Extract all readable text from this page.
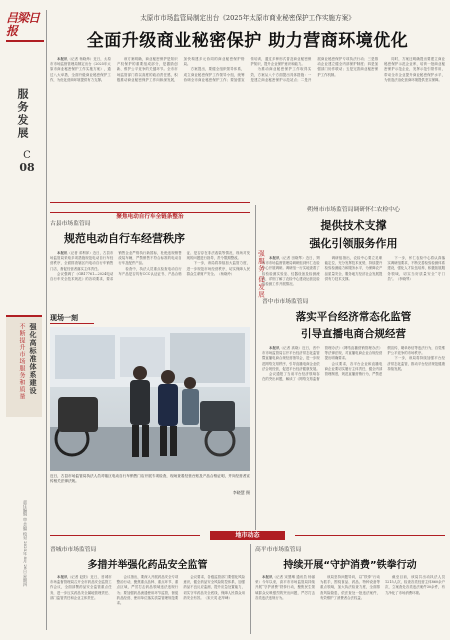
吕梁日报
服务发展
C
08
强化高标准体系建设
不断提升市场服务和质量
责任编辑 审 美编 校对 2025年 8月 26日 星期四
太原市市场监管局制定出台《2025年太原市商业秘密保护工作实施方案》
全面升级商业秘密保护 助力营商环境优化

本报讯（记者 杨晓炜）近日，太原市市场监督管理局制定出台《2025年太原市商业秘密保护工作实施方案》，通过八大举措，全面升级商业秘密保护工作，为优化营商环境提供有力支撑。

该方案明确，商业秘密保护是知识产权保护的重要组成部分，是激励创新、维护公平竞争的关键环节。全市市场监管部门将以高度的政治责任感，积极推动商业秘密保护工作向纵深发展，加快构建多元协同的商业秘密保护格局。

方案提出，要健全组织领导体系，成立商业秘密保护工作领导小组，统筹协调全市商业秘密保护工作；要加强宣传培训，通过多种形式普及商业秘密保护知识，提升企业保护意识和能力。

为推动商业秘密保护工作取得实效，方案从八个方面提出具体措施：一是建立商业秘密保护示范站点；二是开展商业秘密保护专项执法行动；三是推动企业建立健全内部保护制度；四是加强部门协作联动；五是完善商业秘密保护工作机制。

同时，方案还明确提出要建立商业秘密保护示范企业库，培育一批商业秘密保护示范企业，发挥示范引领作用，带动全市企业提升商业秘密保护水平，为营造法治化营商环境提供坚实保障。

聚焦电动自行车全链条整治
古县市场监管局
规范电动自行车经营秩序

本报讯（记者 邓利萍）近日，古县市场监管局采取多项措施规范电动自行车经营秩序，全面排查辖区内电动自行车销售门店，督促经营者落实主体责任。

会议强调了《GB17761—2024电动自行车安全技术规范》的各项要求，要求销售企业严格执行新国标，杜绝违规销售改装车辆，严禁销售不符合标准的电动自行车及配件产品。

检查中，执法人员重点检查电动自行车产品是否具有CCC认证证书、产品合格证、是否存在非法改装等情况，现场对发现的问题进行指导，责令限期整改。

下一步，该局将持续加大监管力度，进一步规范市场经营秩序，切实保障人民群众生命财产安全。（杨晓玲）

现场一刻
近日，古县市场监管局执法人员对辖区电动自行车销售门店开展专项检查，现场查看经营台账及产品合格证明，并向经营者宣传相关法律法规。
李晓慧 摄
朔州市市场监管局调研怀仁农检中心
提供技术支撑
强化引领服务作用

本报讯（记者 田晓琴）近日，朔州市市场监督管理局调研组到怀仁农检中心开展调研。调研组一行实地查看了检验检测实验室、仪器设备及检测流程，详细了解了农检中心建设运营及检验检测工作开展情况。

调研组指出，农检中心要立足职能定位，充分发挥技术优势，持续提升检验检测能力和服务水平，为保障农产品质量安全、服务地方经济社会发展提供有力技术支撑。

下一步，怀仁农检中心将认真落实调研组要求，不断完善检验检测体系建设，强化人才队伍培养，积极拓展服务领域，切实当好质量安全“守门员”。（李晓琴）

强服务 促发展
晋中市市场监管局
落实平台经济常态化监管
引导直播电商合规经营

本报讯（记者 高晓）近日，晋中市市场监管局召开平台经济常态化监管暨直播电商合规经营指导会，进一步规范网络交易秩序，引导直播电商企业依法合规经营，促进平台经济健康发展。

会议通报了当前平台经济领域存在的突出问题，解读了《网络交易监督管理办法》《网络直播营销管理办法》等法律法规，对直播电商企业合规经营提出明确要求。

会议要求，各平台企业和直播电商企业要切实履行主体责任，健全内部管理制度，规范直播营销行为，严禁虚假宣传、刷单炒信等违法行为，自觉维护公平竞争的市场秩序。

下一步，该局将持续加强平台经济常态化监管，推动平台经济规范健康持续发展。

地市动态
晋城市市场监管局
多措并举强化药品安全监管

本报讯（记者 赵阳）近日，晋城市市场监督管理局召开全市药品安全监管工作会议，全面部署药品安全监管重点任务，进一步压实药品安全属地管理责任、部门监管责任和企业主体责任。

会议指出，要深入开展药品安全专项整治行动，聚焦重点品种、重点环节、重点区域，严厉打击药品领域违法违规行为；要加强药品流通使用环节监管，督促药品经营、使用单位落实质量管理规范要求。

会议要求，各级监管部门要强化风险意识，健全药品安全风险防控体系，加强药品不良反应监测，提升应急处置能力，切实守牢药品安全底线，保障人民群众用药安全有效。（宋天英 赵华峰）

高平市市场监管局
持续开展“守护消费”铁拳行动

本报讯（记者 宋慧琳 通讯员 杨丽荣）今年以来，高平市市场监管局持续开展“守护消费”铁拳行动，聚焦民生领域群众反映强烈的突出问题，严厉打击各类违法违规行为。

该局坚持问题导向，以“铁拳”行动为抓手，围绕食品、药品、特种设备等重点领域，加大执法检查力度，全面排查风险隐患，依法查处一批违法案件，有效维护了消费者合法权益。

截至目前，该局共出动执法人员1215人次，检查各类经营主体860余户次，立案查处各类违法案件30余件，有力净化了市场消费环境。
